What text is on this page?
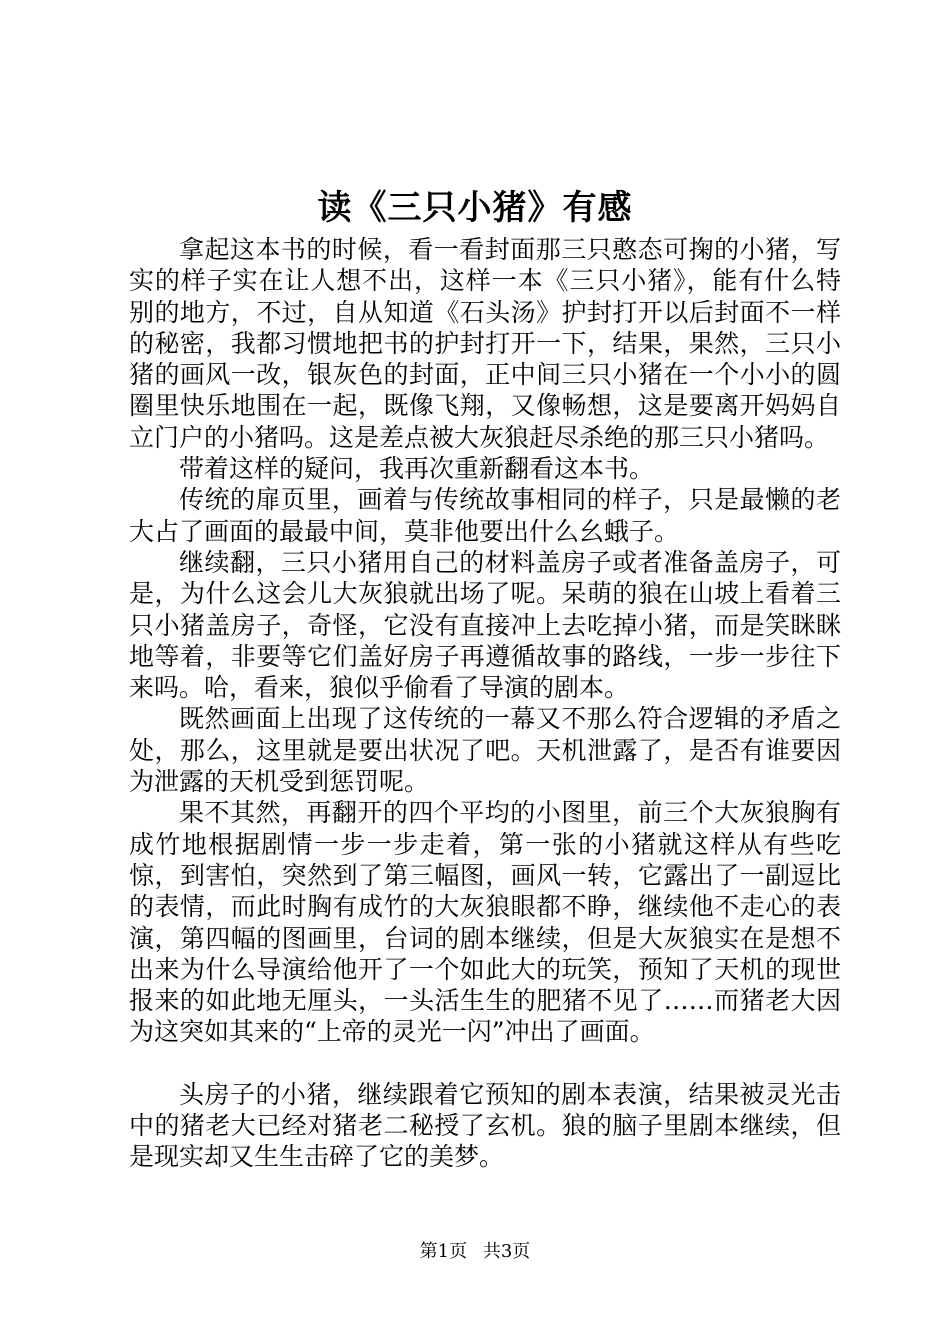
读《三只小猪》有感

拿起这本书的时候，看一看封面那三只憨态可掬的小猪，写实的样子实在让人想不出，这样一本《三只小猪》，能有什么特别的地方，不过，自从知道《石头汤》护封打开以后封面不一样的秘密，我都习惯地把书的护封打开一下，结果，果然，三只小猪的画风一改，银灰色的封面，正中间三只小猪在一个小小的圆圈里快乐地围在一起，既像飞翔，又像畅想，这是要离开妈妈自立门户的小猪吗。这是差点被大灰狼赶尽杀绝的那三只小猪吗。

带着这样的疑问，我再次重新翻看这本书。

传统的扉页里，画着与传统故事相同的样子，只是最懒的老大占了画面的最最中间，莫非他要出什么幺蛾子。

继续翻，三只小猪用自己的材料盖房子或者准备盖房子，可是，为什么这会儿大灰狼就出场了呢。呆萌的狼在山坡上看着三只小猪盖房子，奇怪，它没有直接冲上去吃掉小猪，而是笑眯眯地等着，非要等它们盖好房子再遵循故事的路线，一步一步往下来吗。哈，看来，狼似乎偷看了导演的剧本。

既然画面上出现了这传统的一幕又不那么符合逻辑的矛盾之处，那么，这里就是要出状况了吧。天机泄露了，是否有谁要因为泄露的天机受到惩罚呢。

果不其然，再翻开的四个平均的小图里，前三个大灰狼胸有成竹地根据剧情一步一步走着，第一张的小猪就这样从有些吃惊，到害怕，突然到了第三幅图，画风一转，它露出了一副逗比的表情，而此时胸有成竹的大灰狼眼都不睁，继续他不走心的表演，第四幅的图画里，台词的剧本继续，但是大灰狼实在是想不出来为什么导演给他开了一个如此大的玩笑，预知了天机的现世报来的如此地无厘头，一头活生生的肥猪不见了……而猪老大因为这突如其来的“上帝的灵光一闪”冲出了画面。

头房子的小猪，继续跟着它预知的剧本表演，结果被灵光击中的猪老大已经对猪老二秘授了玄机。狼的脑子里剧本继续，但是现实却又生生击碎了它的美梦。

第1页 共3页
